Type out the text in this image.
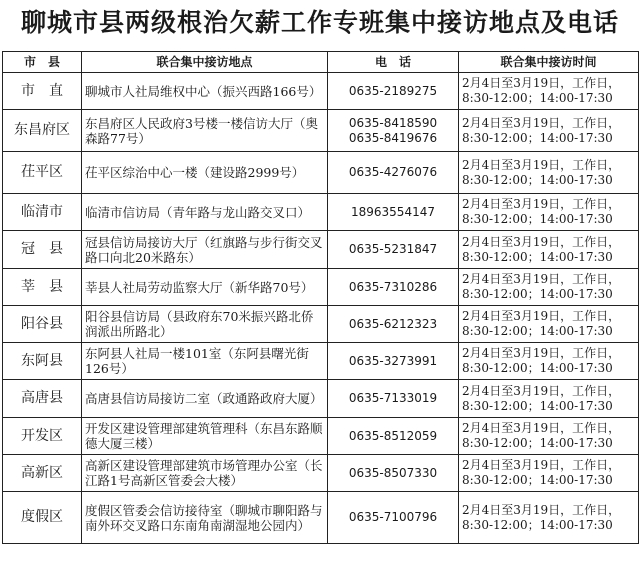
聊城市县两级根治欠薪工作专班集中接访地点及电话
市　县	联合集中接访地点	电　话	联合集中接访时间
市　直	聊城市人社局维权中心（振兴西路166号）	0635-2189275	2月4日至3月19日，工作日，
8:30-12:00；14:00-17:30

东昌府区	东昌府区人民政府3号楼一楼信访大厅（奥森路77号）	0635-8418590
0635-8419676	2月4日至3月19日，工作日，
8:30-12:00；14:00-17:30

茌平区	茌平区综治中心一楼（建设路2999号）	0635-4276076	2月4日至3月19日，工作日，
8:30-12:00；14:00-17:30

临清市	临清市信访局（青年路与龙山路交叉口）	18963554147	2月4日至3月19日，工作日，
8:30-12:00；14:00-17:30

冠　县	冠县信访局接访大厅（红旗路与步行街交叉路口向北20米路东）	0635-5231847	2月4日至3月19日，工作日，
8:30-12:00；14:00-17:30

莘　县	莘县人社局劳动监察大厅（新华路70号）	0635-7310286	2月4日至3月19日，工作日，
8:30-12:00；14:00-17:30

阳谷县	阳谷县信访局（县政府东70米振兴路北侨润派出所路北）	0635-6212323	2月4日至3月19日，工作日，
8:30-12:00；14:00-17:30

东阿县	东阿县人社局一楼101室（东阿县曙光街126号）	0635-3273991	2月4日至3月19日，工作日，
8:30-12:00；14:00-17:30

高唐县	高唐县信访局接访二室（政通路政府大厦）	0635-7133019	2月4日至3月19日，工作日，
8:30-12:00；14:00-17:30

开发区	开发区建设管理部建筑管理科（东昌东路顺德大厦三楼）	0635-8512059	2月4日至3月19日，工作日，
8:30-12:00；14:00-17:30

高新区	高新区建设管理部建筑市场管理办公室（长江路1号高新区管委会大楼）	0635-8507330	2月4日至3月19日，工作日，
8:30-12:00；14:00-17:30

度假区	度假区管委会信访接待室（聊城市聊阳路与南外环交叉路口东南角南湖湿地公园内）	0635-7100796	2月4日至3月19日，工作日，
8:30-12:00；14:00-17:30
